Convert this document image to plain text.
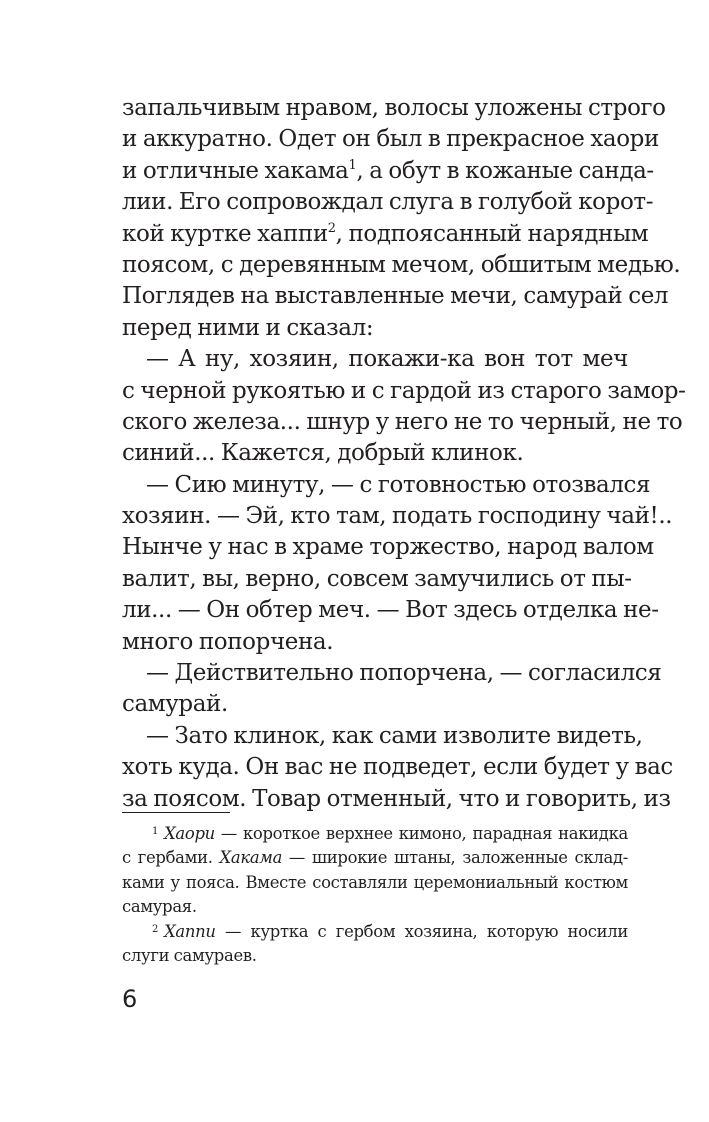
запальчивым нравом, волосы уложены строго
и аккуратно. Одет он был в прекрасное хаори
и отличные хакама$^1$, а обут в кожаные санда-
лии. Его сопровождал слуга в голубой корот-
кой куртке хаппи$^2$, подпоясанный нарядным
поясом, с деревянным мечом, обшитым медью.
Поглядев на выставленные мечи, самурай сел
перед ними и сказал:
— А ну, хозяин, покажи-ка вон тот меч
с черной рукоятью и с гардой из старого замор-
ского железа... шнур у него не то черный, не то
синий... Кажется, добрый клинок.
— Сию минуту, — с готовностью отозвался
хозяин. — Эй, кто там, подать господину чай!..
Нынче у нас в храме торжество, народ валом
валит, вы, верно, совсем замучились от пы-
ли... — Он обтер меч. — Вот здесь отделка не-
много попорчена.
— Действительно попорчена, — согласился
самурай.
— Зато клинок, как сами изволите видеть,
хоть куда. Он вас не подведет, если будет у вас
за поясом. Товар отменный, что и говорить, из
$^1$ Хаори — короткое верхнее кимоно, парадная накидка
с гербами. Хакама — широкие штаны, заложенные склад-
ками у пояса. Вместе составляли церемониальный костюм
самурая.
$^2$ Хаппи — куртка с гербом хозяина, которую носили
слуги самураев.
6
